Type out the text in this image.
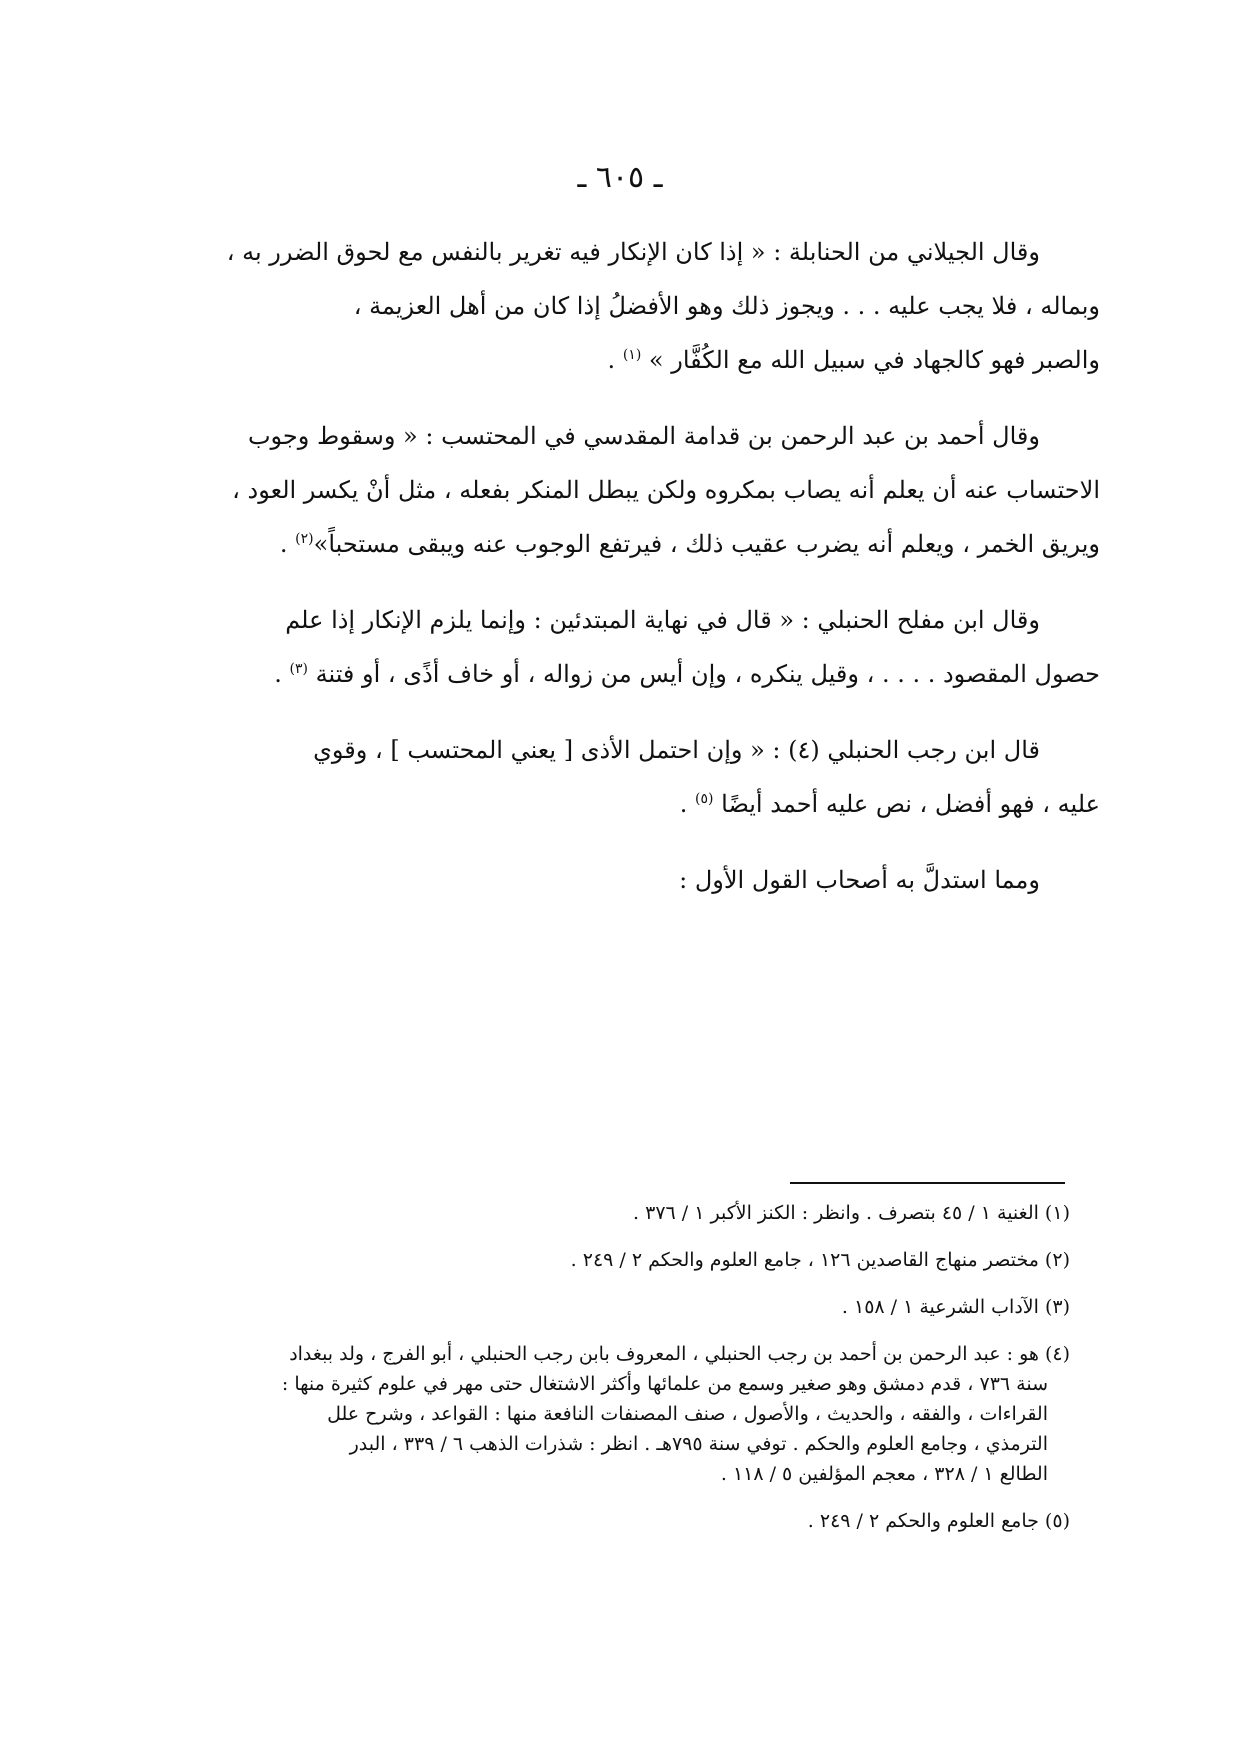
ـ ٦٠٥ ـ

وقال الجيلاني من الحنابلة : « إذا كان الإنكار فيه تغرير بالنفس مع لحوق الضرر به ،
وبماله ، فلا يجب عليه . . . ويجوز ذلك وهو الأفضلُ إذا كان من أهل العزيمة ،
والصبر فهو كالجهاد في سبيل الله مع الكُفَّار » $^{(١)}$ .

وقال أحمد بن عبد الرحمن بن قدامة المقدسي في المحتسب : « وسقوط وجوب
الاحتساب عنه أن يعلم أنه يصاب بمكروه ولكن يبطل المنكر بفعله ، مثل أنْ يكسر العود ،
ويريق الخمر ، ويعلم أنه يضرب عقيب ذلك ، فيرتفع الوجوب عنه ويبقى مستحباً»$^{(٢)}$ .

وقال ابن مفلح الحنبلي : « قال في نهاية المبتدئين : وإنما يلزم الإنكار إذا علم
حصول المقصود . . . . ، وقيل ينكره ، وإن أيس من زواله ، أو خاف أذًى ، أو فتنة $^{(٣)}$ .

قال ابن رجب الحنبلي (٤) : « وإن احتمل الأذى [ يعني المحتسب ] ، وقوي
عليه ، فهو أفضل ، نص عليه أحمد أيضًا $^{(٥)}$ .

ومما استدلَّ به أصحاب القول الأول :

(١) الغنية ١ / ٤٥ بتصرف . وانظر : الكنز الأكبر ١ / ٣٧٦ .
(٢) مختصر منهاج القاصدين ١٢٦ ، جامع العلوم والحكم ٢ / ٢٤٩ .
(٣) الآداب الشرعية ١ / ١٥٨ .
(٤) هو : عبد الرحمن بن أحمد بن رجب الحنبلي ، المعروف بابن رجب الحنبلي ، أبو الفرج ، ولد ببغداد
سنة ٧٣٦ ، قدم دمشق وهو صغير وسمع من علمائها وأكثر الاشتغال حتى مهر في علوم كثيرة منها :
القراءات ، والفقه ، والحديث ، والأصول ، صنف المصنفات النافعة منها : القواعد ، وشرح علل
الترمذي ، وجامع العلوم والحكم . توفي سنة ٧٩٥هـ . انظر : شذرات الذهب ٦ / ٣٣٩ ، البدر
الطالع ١ / ٣٢٨ ، معجم المؤلفين ٥ / ١١٨ .
(٥) جامع العلوم والحكم ٢ / ٢٤٩ .
